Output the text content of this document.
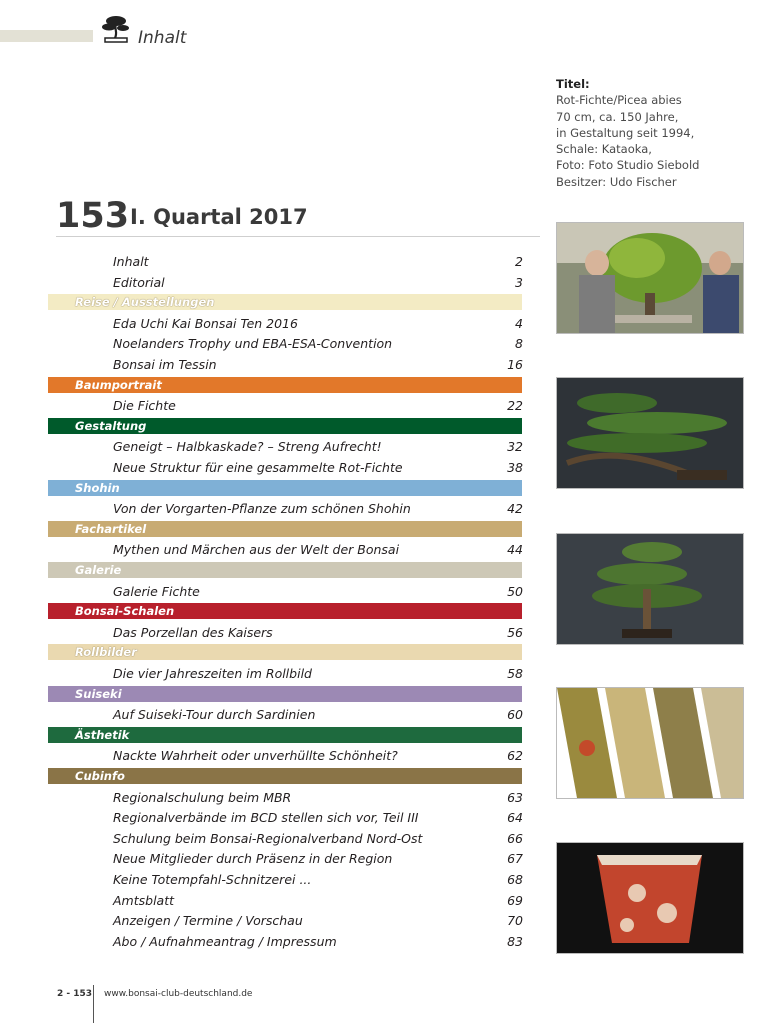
Inhalt
Titel:
Rot-Fichte/Picea abies
70 cm, ca. 150 Jahre,
in Gestaltung seit 1994,
Schale: Kataoka,
Foto: Foto Studio Siebold
Besitzer: Udo Fischer
153 I. Quartal 2017
Inhalt	2
Editorial	3
Reise / Ausstellungen
Eda Uchi Kai Bonsai Ten 2016	4
Noelanders Trophy und EBA-ESA-Convention	8
Bonsai im Tessin	16
Baumportrait
Die Fichte	22
Gestaltung
Geneigt – Halbkaskade? – Streng Aufrecht!	32
Neue Struktur für eine gesammelte Rot-Fichte	38
Shohin
Von der Vorgarten-Pflanze zum schönen Shohin	42
Fachartikel
Mythen und Märchen aus der Welt der Bonsai	44
Galerie
Galerie Fichte	50
Bonsai-Schalen
Das Porzellan des Kaisers	56
Rollbilder
Die vier Jahreszeiten im Rollbild	58
Suiseki
Auf Suiseki-Tour durch Sardinien	60
Ästhetik
Nackte Wahrheit oder unverhüllte Schönheit?	62
Cubinfo
Regionalschulung beim MBR	63
Regionalverbände im BCD stellen sich vor, Teil III	64
Schulung beim Bonsai-Regionalverband Nord-Ost	66
Neue Mitglieder durch Präsenz in der Region	67
Keine Totempfahl-Schnitzerei ...	68
Amtsblatt	69
Anzeigen / Termine / Vorschau	70
Abo / Aufnahmeantrag / Impressum	83
2 - 153 www.bonsai-club-deutschland.de
